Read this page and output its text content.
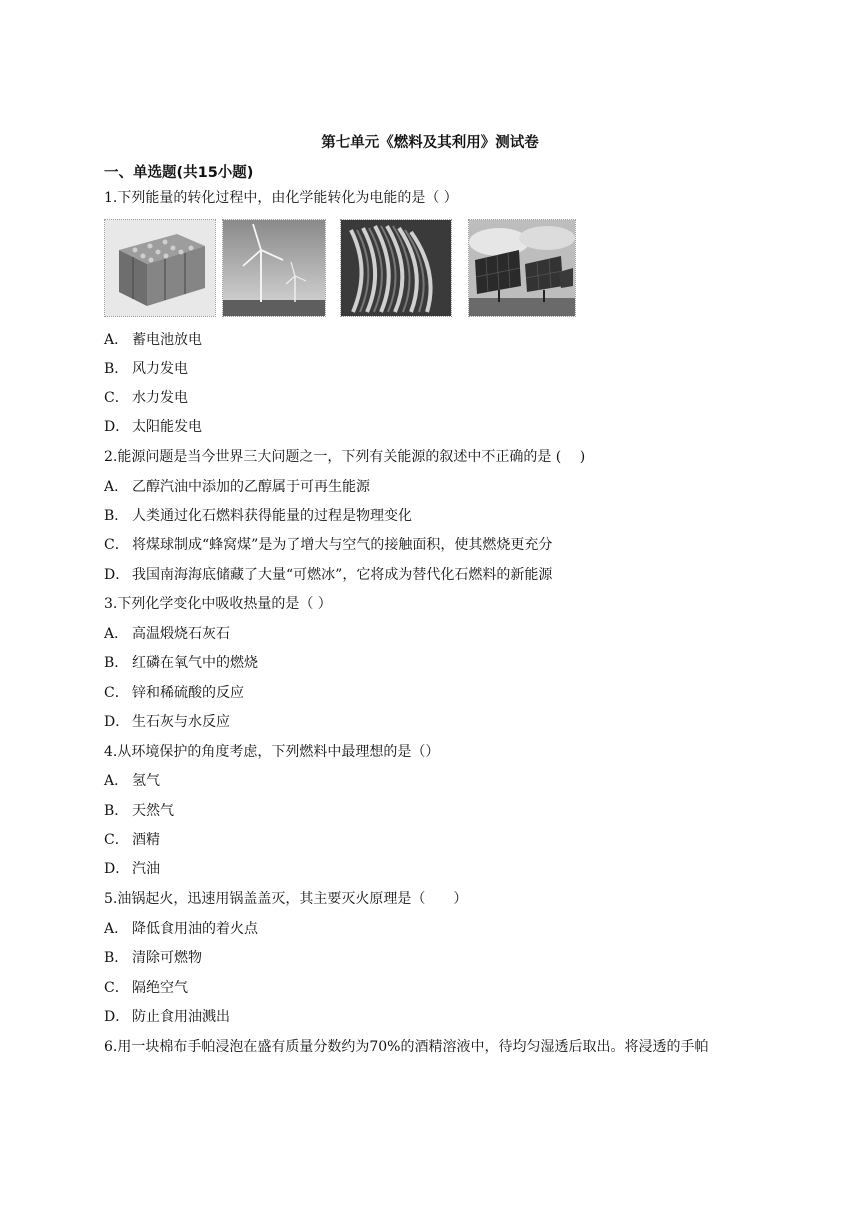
第七单元《燃料及其利用》测试卷
一、单选题(共15小题)
1.下列能量的转化过程中，由化学能转化为电能的是（ ）
A． 蓄电池放电
B． 风力发电
C． 水力发电
D． 太阳能发电
2.能源问题是当今世界三大问题之一，下列有关能源的叙述中不正确的是 (　 )
A． 乙醇汽油中添加的乙醇属于可再生能源
B． 人类通过化石燃料获得能量的过程是物理变化
C． 将煤球制成“蜂窝煤”是为了增大与空气的接触面积，使其燃烧更充分
D． 我国南海海底储藏了大量“可燃冰”，它将成为替代化石燃料的新能源
3.下列化学变化中吸收热量的是（ ）
A． 高温煅烧石灰石
B． 红磷在氧气中的燃烧
C． 锌和稀硫酸的反应
D． 生石灰与水反应
4.从环境保护的角度考虑，下列燃料中最理想的是（）
A． 氢气
B． 天然气
C． 酒精
D． 汽油
5.油锅起火，迅速用锅盖盖灭，其主要灭火原理是（　　）
A． 降低食用油的着火点
B． 清除可燃物
C． 隔绝空气
D． 防止食用油溅出
6.用一块棉布手帕浸泡在盛有质量分数约为70%的酒精溶液中，待均匀湿透后取出。将浸透的手帕
